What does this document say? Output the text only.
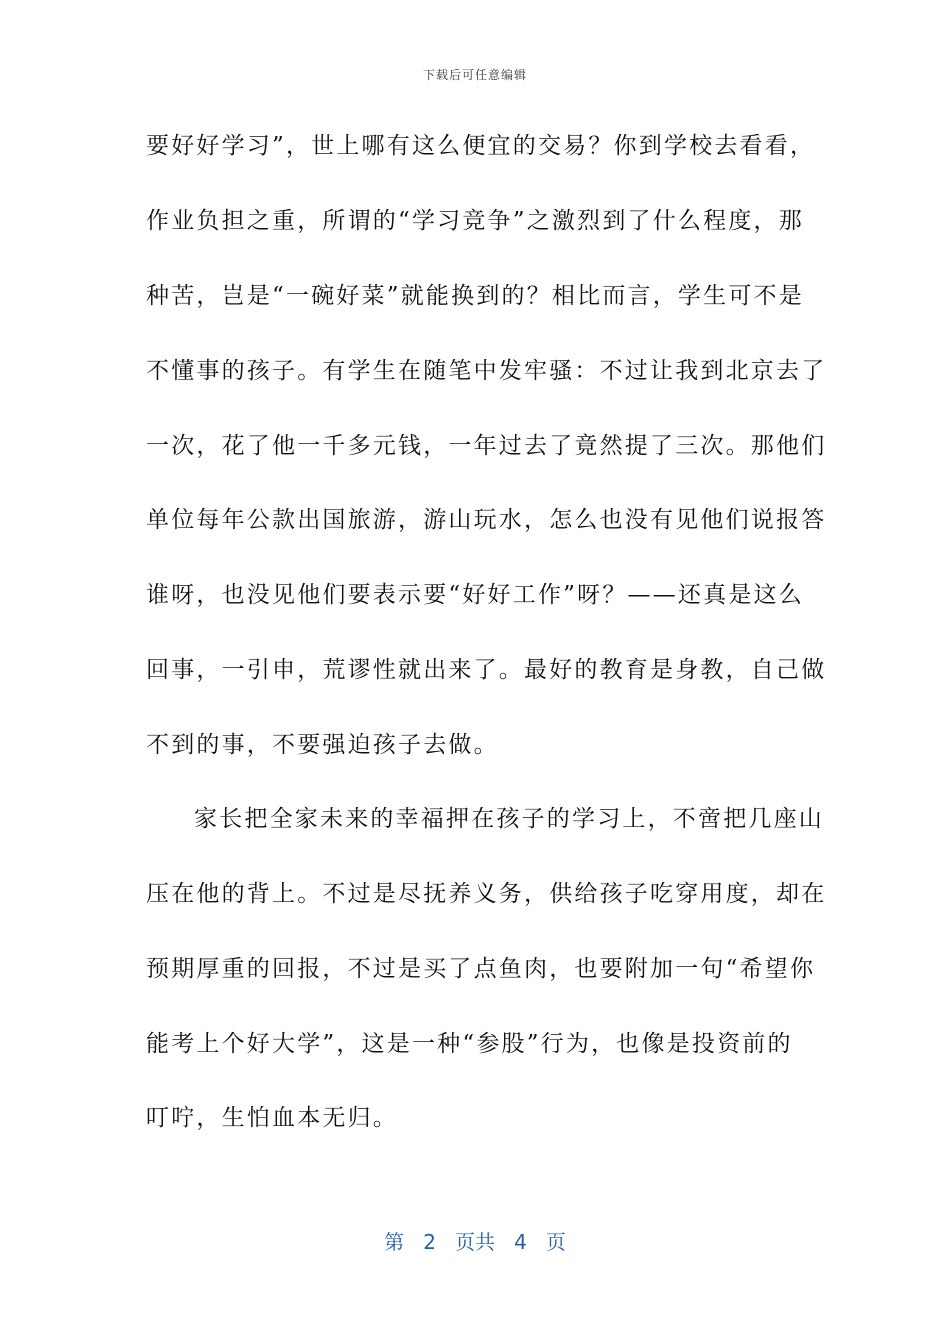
下载后可任意编辑
要好好学习”，世上哪有这么便宜的交易？你到学校去看看，
作业负担之重，所谓的“学习竞争”之激烈到了什么程度，那
种苦，岂是“一碗好菜”就能换到的？相比而言，学生可不是
不懂事的孩子。有学生在随笔中发牢骚：不过让我到北京去了
一次，花了他一千多元钱，一年过去了竟然提了三次。那他们
单位每年公款出国旅游，游山玩水，怎么也没有见他们说报答
谁呀，也没见他们要表示要“好好工作”呀？——还真是这么
回事，一引申，荒谬性就出来了。最好的教育是身教，自己做
不到的事，不要强迫孩子去做。
家长把全家未来的幸福押在孩子的学习上，不啻把几座山
压在他的背上。不过是尽抚养义务，供给孩子吃穿用度，却在
预期厚重的回报，不过是买了点鱼肉，也要附加一句“希望你
能考上个好大学”，这是一种“参股”行为，也像是投资前的
叮咛，生怕血本无归。
第 2 页共 4 页
